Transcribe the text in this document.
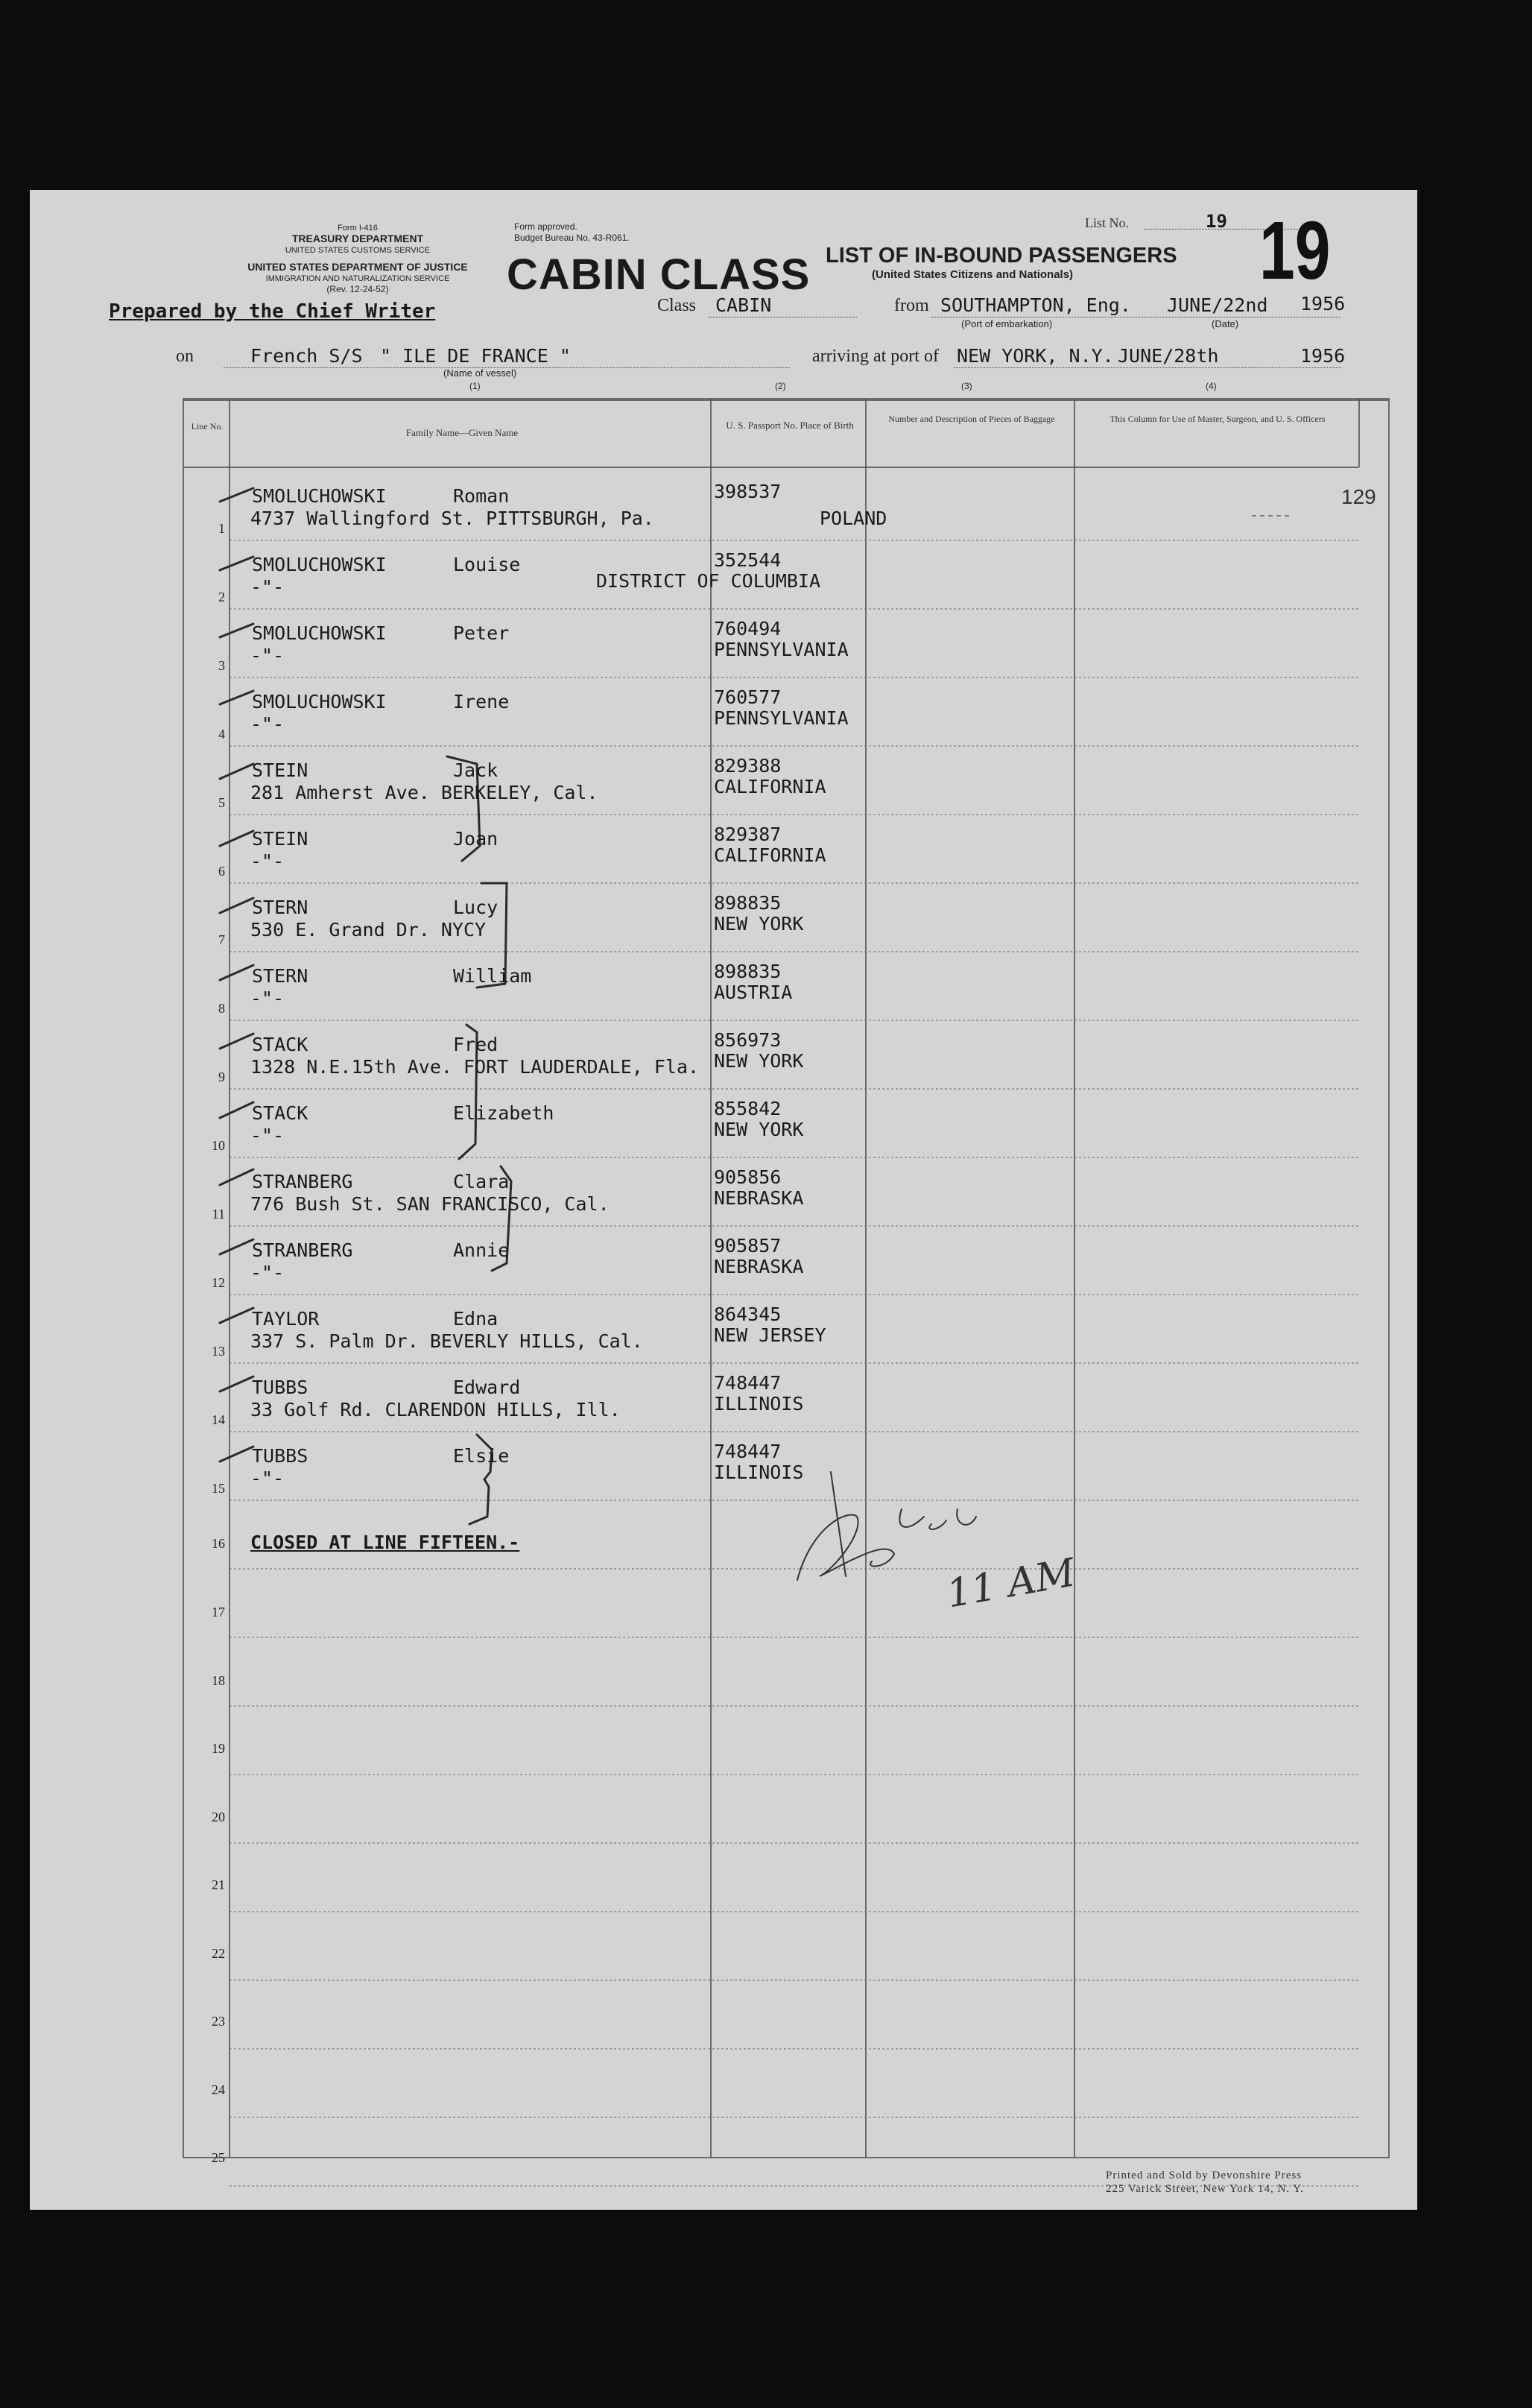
Form I-416
TREASURY DEPARTMENT
UNITED STATES CUSTOMS SERVICE
UNITED STATES DEPARTMENT OF JUSTICE
IMMIGRATION AND NATURALIZATION SERVICE
(Rev. 12-24-52)
Form approved.
Budget Bureau No. 43-R061.
CABIN CLASS LIST OF IN-BOUND PASSENGERS
(United States Citizens and Nationals)
List No.	19 19
Prepared by the Chief Writer	Class CABIN	from SOUTHAMPTON, Eng. JUNE/22nd 1956
(Port of embarkation)	(Date)
on	French S/S " ILE DE FRANCE "
(Name of vessel)
(1)
arriving at port of NEW YORK, N.Y. JUNE/28th	1956
(2)	(3)	(4)
Line No.
Family Name—Given Name
U. S. Passport No. Place of Birth
Number and Description of Pieces of Baggage	This Column for Use of Master, Surgeon, and U. S. Officers
129
1
SMOLUCHOWSKI	Roman
4737 Wallingford St. PITTSBURGH, Pa.
398537
POLAND
2
SMOLUCHOWSKI	Louise
-"-
352544
DISTRICT OF COLUMBIA
3
SMOLUCHOWSKI	Peter
-"-
760494
PENNSYLVANIA
4
SMOLUCHOWSKI	Irene
-"-
760577
PENNSYLVANIA
5
STEIN	Jack
281 Amherst Ave. BERKELEY, Cal.
829388
CALIFORNIA
6
STEIN	Joan
-"-
829387
CALIFORNIA
7
STERN	Lucy
530 E. Grand Dr. NYCY
898835
NEW YORK
8
STERN	William
-"-
898835
AUSTRIA
9
STACK	Fred
1328 N.E.15th Ave. FORT LAUDERDALE, Fla.
856973
NEW YORK
10
STACK	Elizabeth
-"-
855842
NEW YORK
11
STRANBERG	Clara
776 Bush St. SAN FRANCISCO, Cal.
905856
NEBRASKA
12
STRANBERG	Annie
-"-
905857
NEBRASKA
13
TAYLOR	Edna
337 S. Palm Dr. BEVERLY HILLS, Cal.
864345
NEW JERSEY
14
TUBBS	Edward
33 Golf Rd. CLARENDON HILLS, Ill.
748447
ILLINOIS
15
TUBBS	Elsie
-"-
748447
ILLINOIS
CLOSED AT LINE FIFTEEN.-
16
17
18
19
20
21
22
23
24
25
11 AM
Printed and Sold by Devonshire Press
225 Varick Street, New York 14, N. Y.
